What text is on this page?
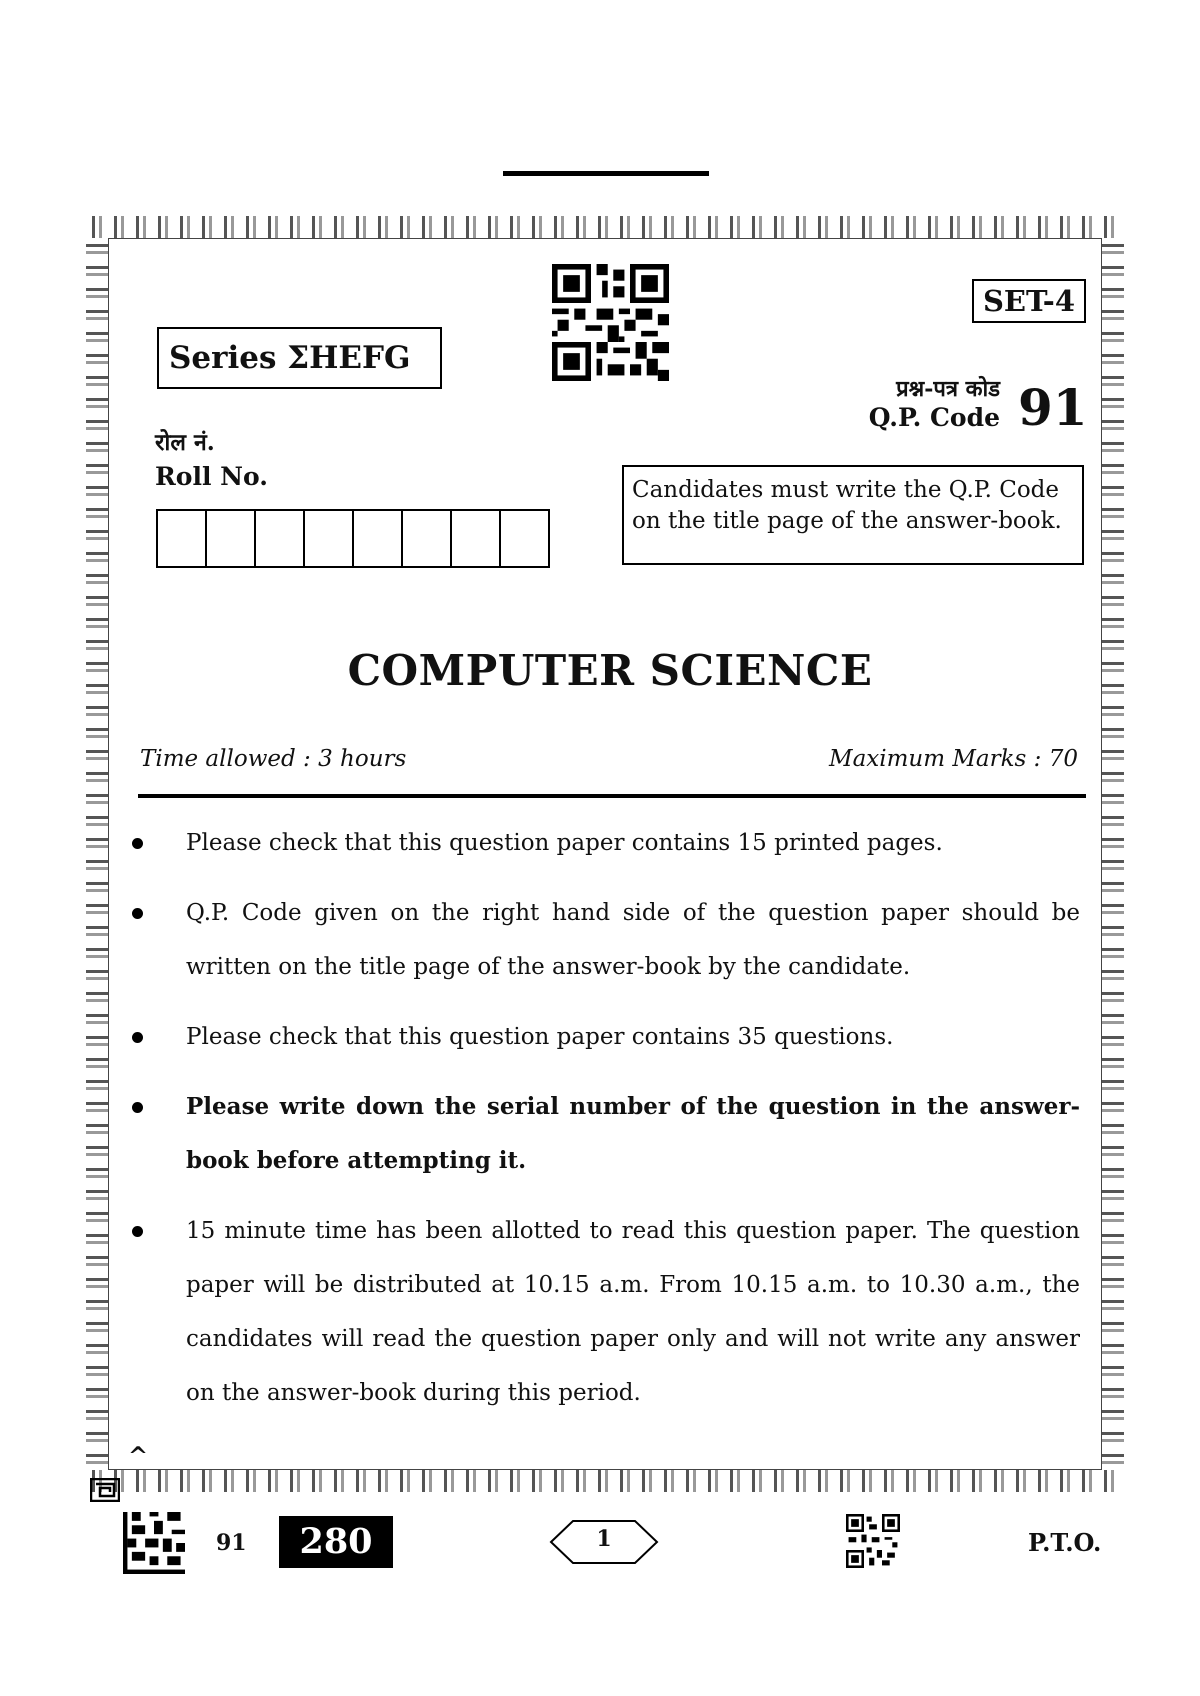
SET-4
Series ΣHEFG
प्रश्न-पत्र कोड
Q.P. Code 91
रोल नं.
Roll No.	Candidates must write the Q.P. Code on the title page of the answer-book.
COMPUTER SCIENCE
Time allowed : 3 hours	Maximum Marks : 70
Please check that this question paper contains 15 printed pages.
Q.P. Code given on the right hand side of the question paper should be written on the title page of the answer-book by the candidate.
Please check that this question paper contains 35 questions.
Please write down the serial number of the question in the answer-book before attempting it.
15 minute time has been allotted to read this question paper. The question paper will be distributed at 10.15 a.m. From 10.15 a.m. to 10.30 a.m., the candidates will read the question paper only and will not write any answer on the answer-book during this period.
^
91	280	1	P.T.O.
